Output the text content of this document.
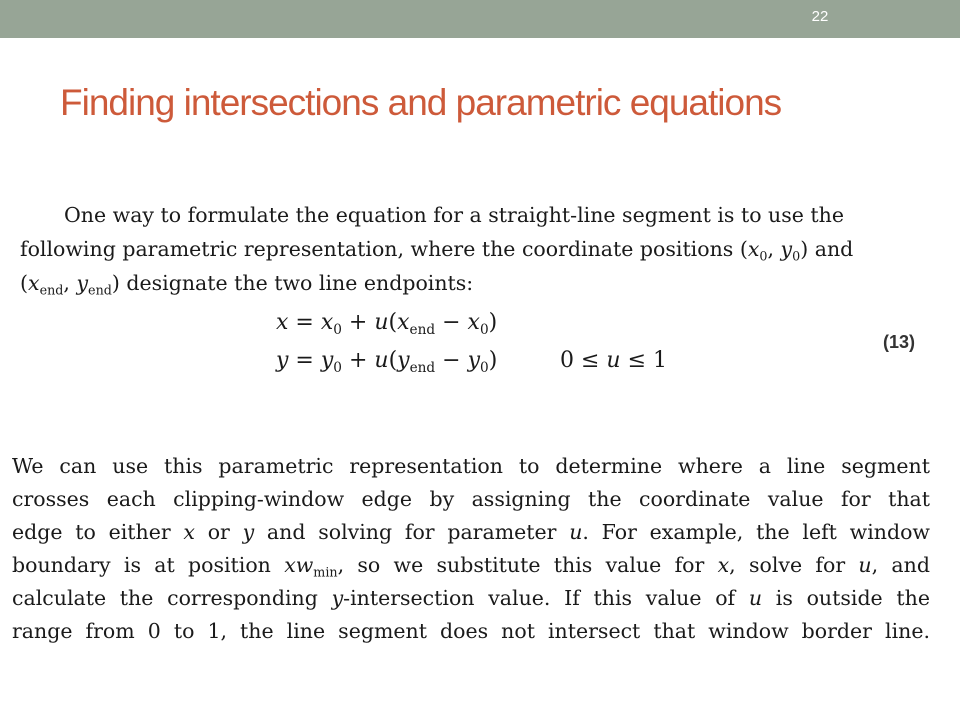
22
Finding intersections and parametric equations
One way to formulate the equation for a straight-line segment is to use the
following parametric representation, where the coordinate positions ($x_0$, $y_0$) and
($x_{end}$, $y_{end}$) designate the two line endpoints:
$x = x_0 + u(x_{end} - x_0)$
$y = y_0 + u(y_{end} - y_0)$	0 ≤ u ≤ 1
(13)
We can use this parametric representation to determine where a line segment
crosses each clipping-window edge by assigning the coordinate value for that
edge to either x or y and solving for parameter u. For example, the left window
boundary is at position $xw_{min}$, so we substitute this value for x, solve for u, and
calculate the corresponding y-intersection value. If this value of u is outside the
range from 0 to 1, the line segment does not intersect that window border line.
